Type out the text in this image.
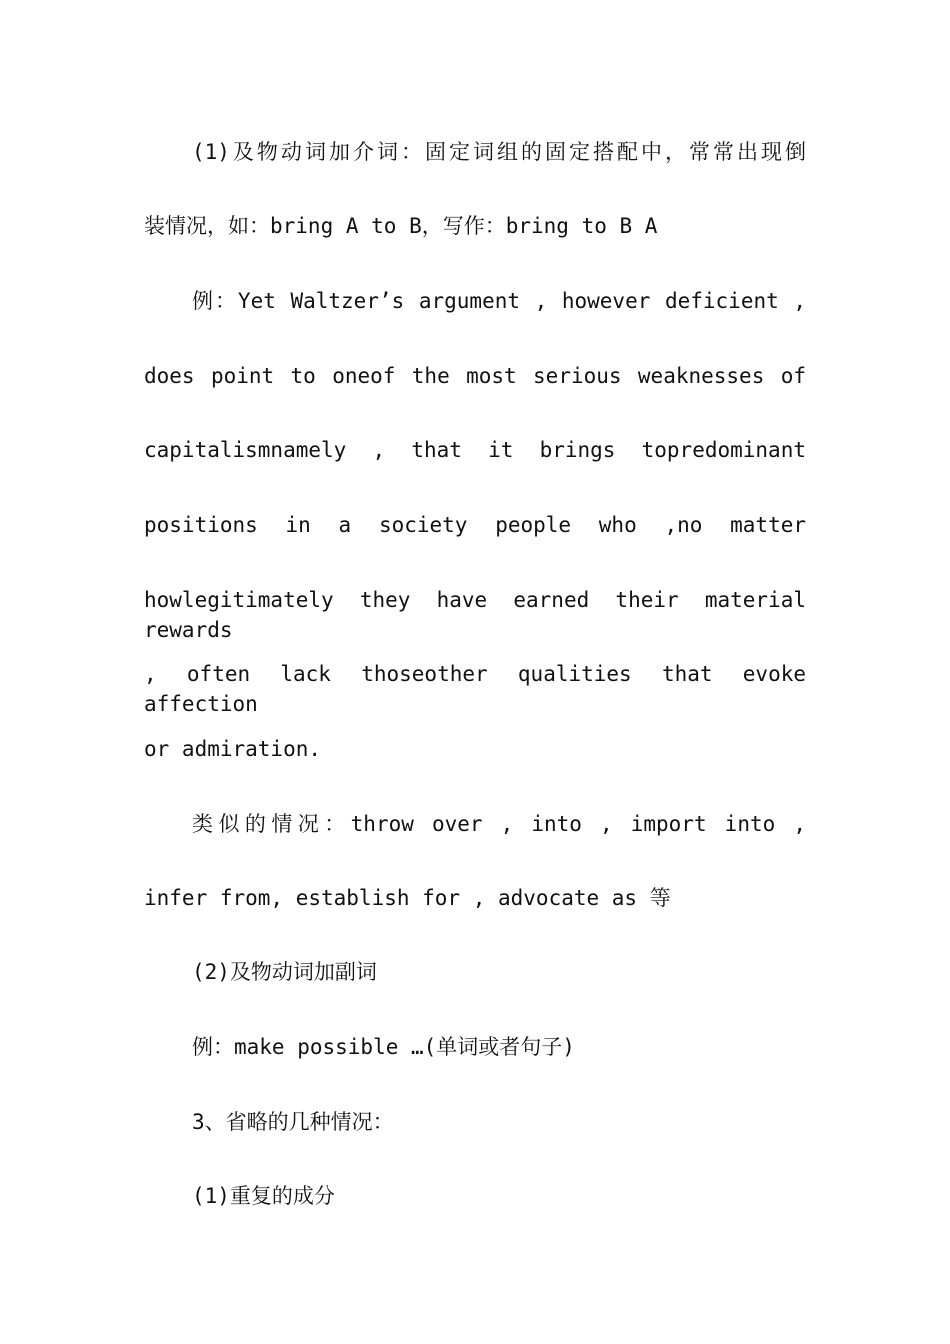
(1)及物动词加介词：固定词组的固定搭配中，常常出现倒
装情况，如：bring A to B，写作：bring to B A
例：Yet Waltzer’s argument , however deficient ,
does point to oneof the most serious weaknesses of
capitalismnamely , that it brings topredominant
positions in a society people who ,no matter
howlegitimately they have earned their material rewards
, often lack thoseother qualities that evoke affection
or admiration.
类似的情况：throw over , into , import into ,
infer from, establish for , advocate as 等
(2)及物动词加副词
例：make possible …(单词或者句子)
3、省略的几种情况：
(1)重复的成分
